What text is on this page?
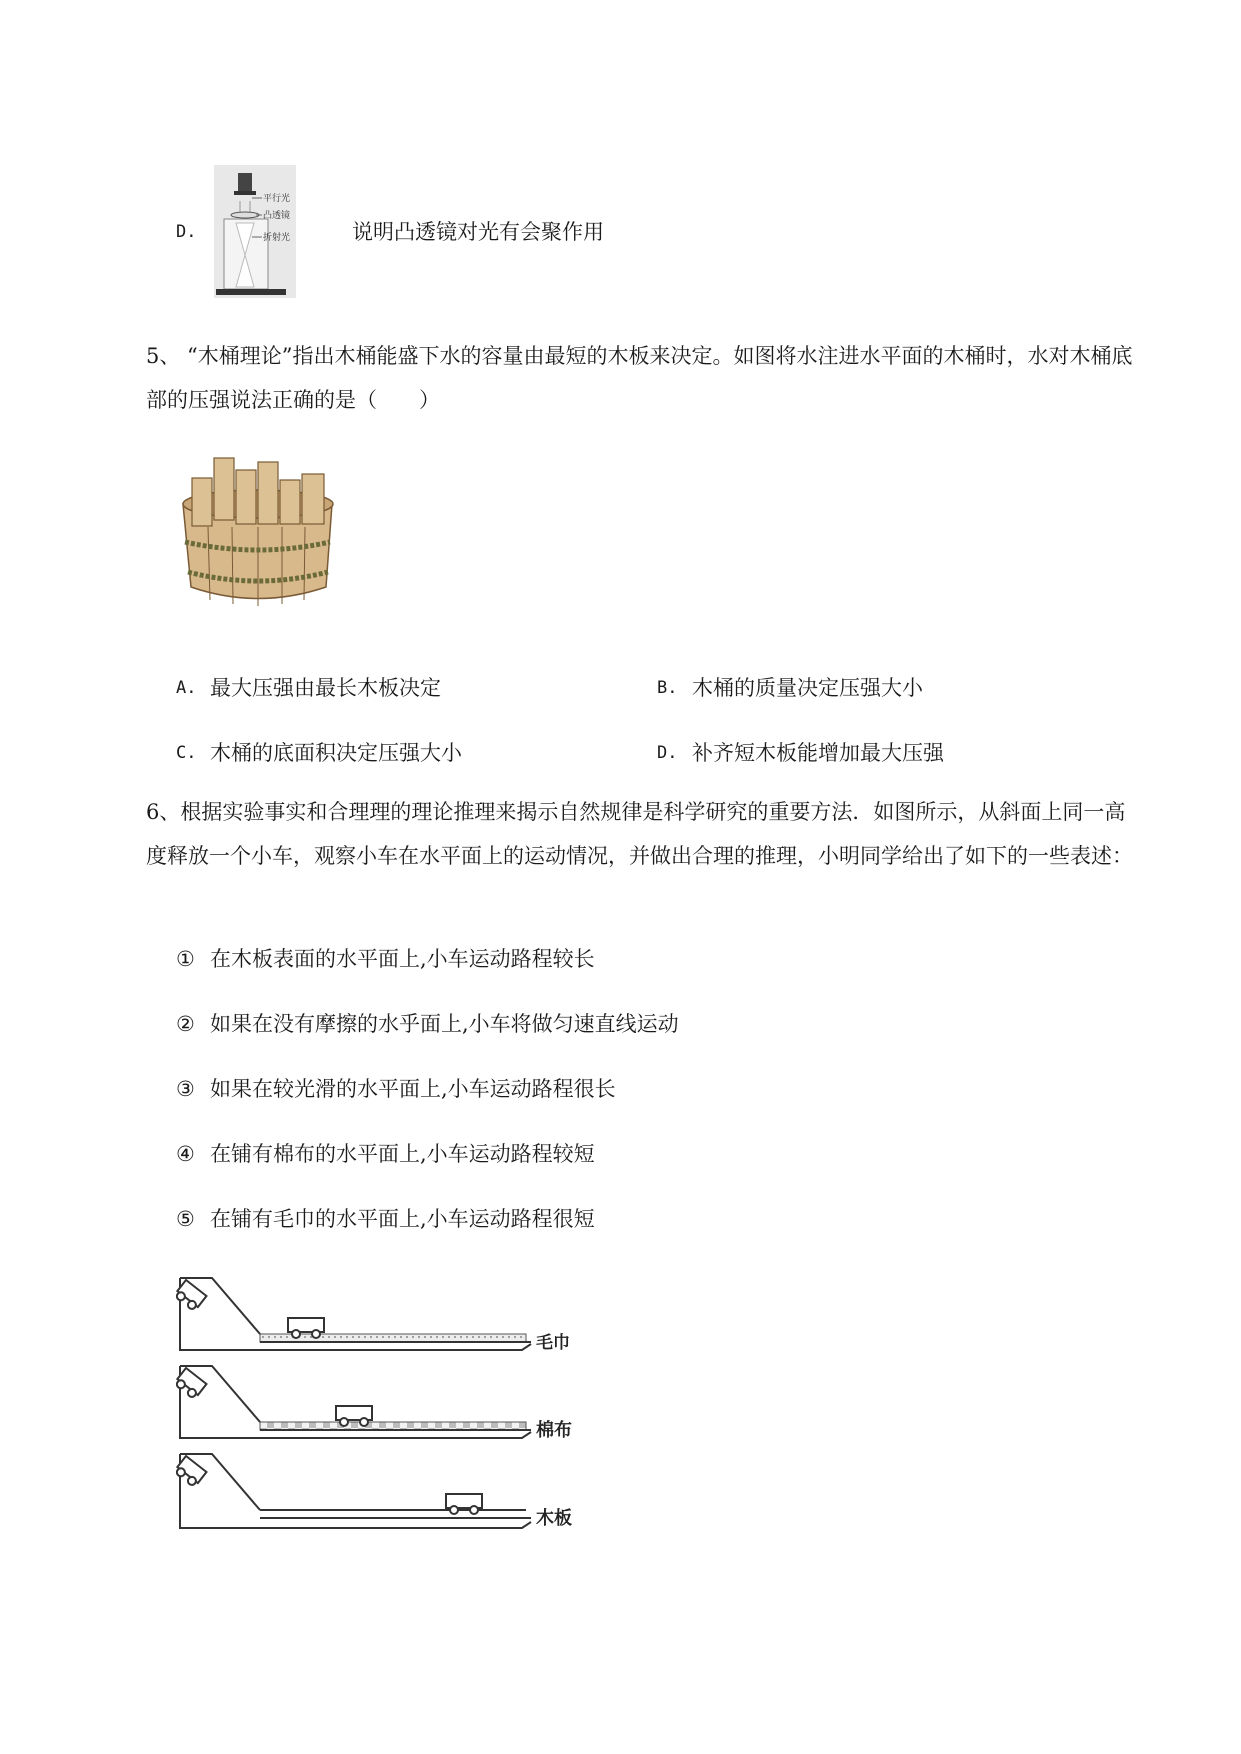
D.
平行光
凸透镜
折射光	说明凸透镜对光有会聚作用
5、 “木桶理论”指出木桶能盛下水的容量由最短的木板来决定。如图将水注进水平面的木桶时，水对木桶底部的压强说法正确的是（　　）
A. 最大压强由最长木板决定	B. 木桶的质量决定压强大小
C. 木桶的底面积决定压强大小	D. 补齐短木板能增加最大压强
6、根据实验事实和合理理的理论推理来揭示自然规律是科学研究的重要方法．如图所示，从斜面上同一高度释放一个小车，观察小车在水平面上的运动情况，并做出合理的推理，小明同学给出了如下的一些表述：
① 在木板表面的水平面上,小车运动路程较长
② 如果在没有摩擦的水乎面上,小车将做匀速直线运动
③ 如果在较光滑的水平面上,小车运动路程很长
④ 在铺有棉布的水平面上,小车运动路程较短
⑤ 在铺有毛巾的水平面上,小车运动路程很短
毛巾
棉布
木板
